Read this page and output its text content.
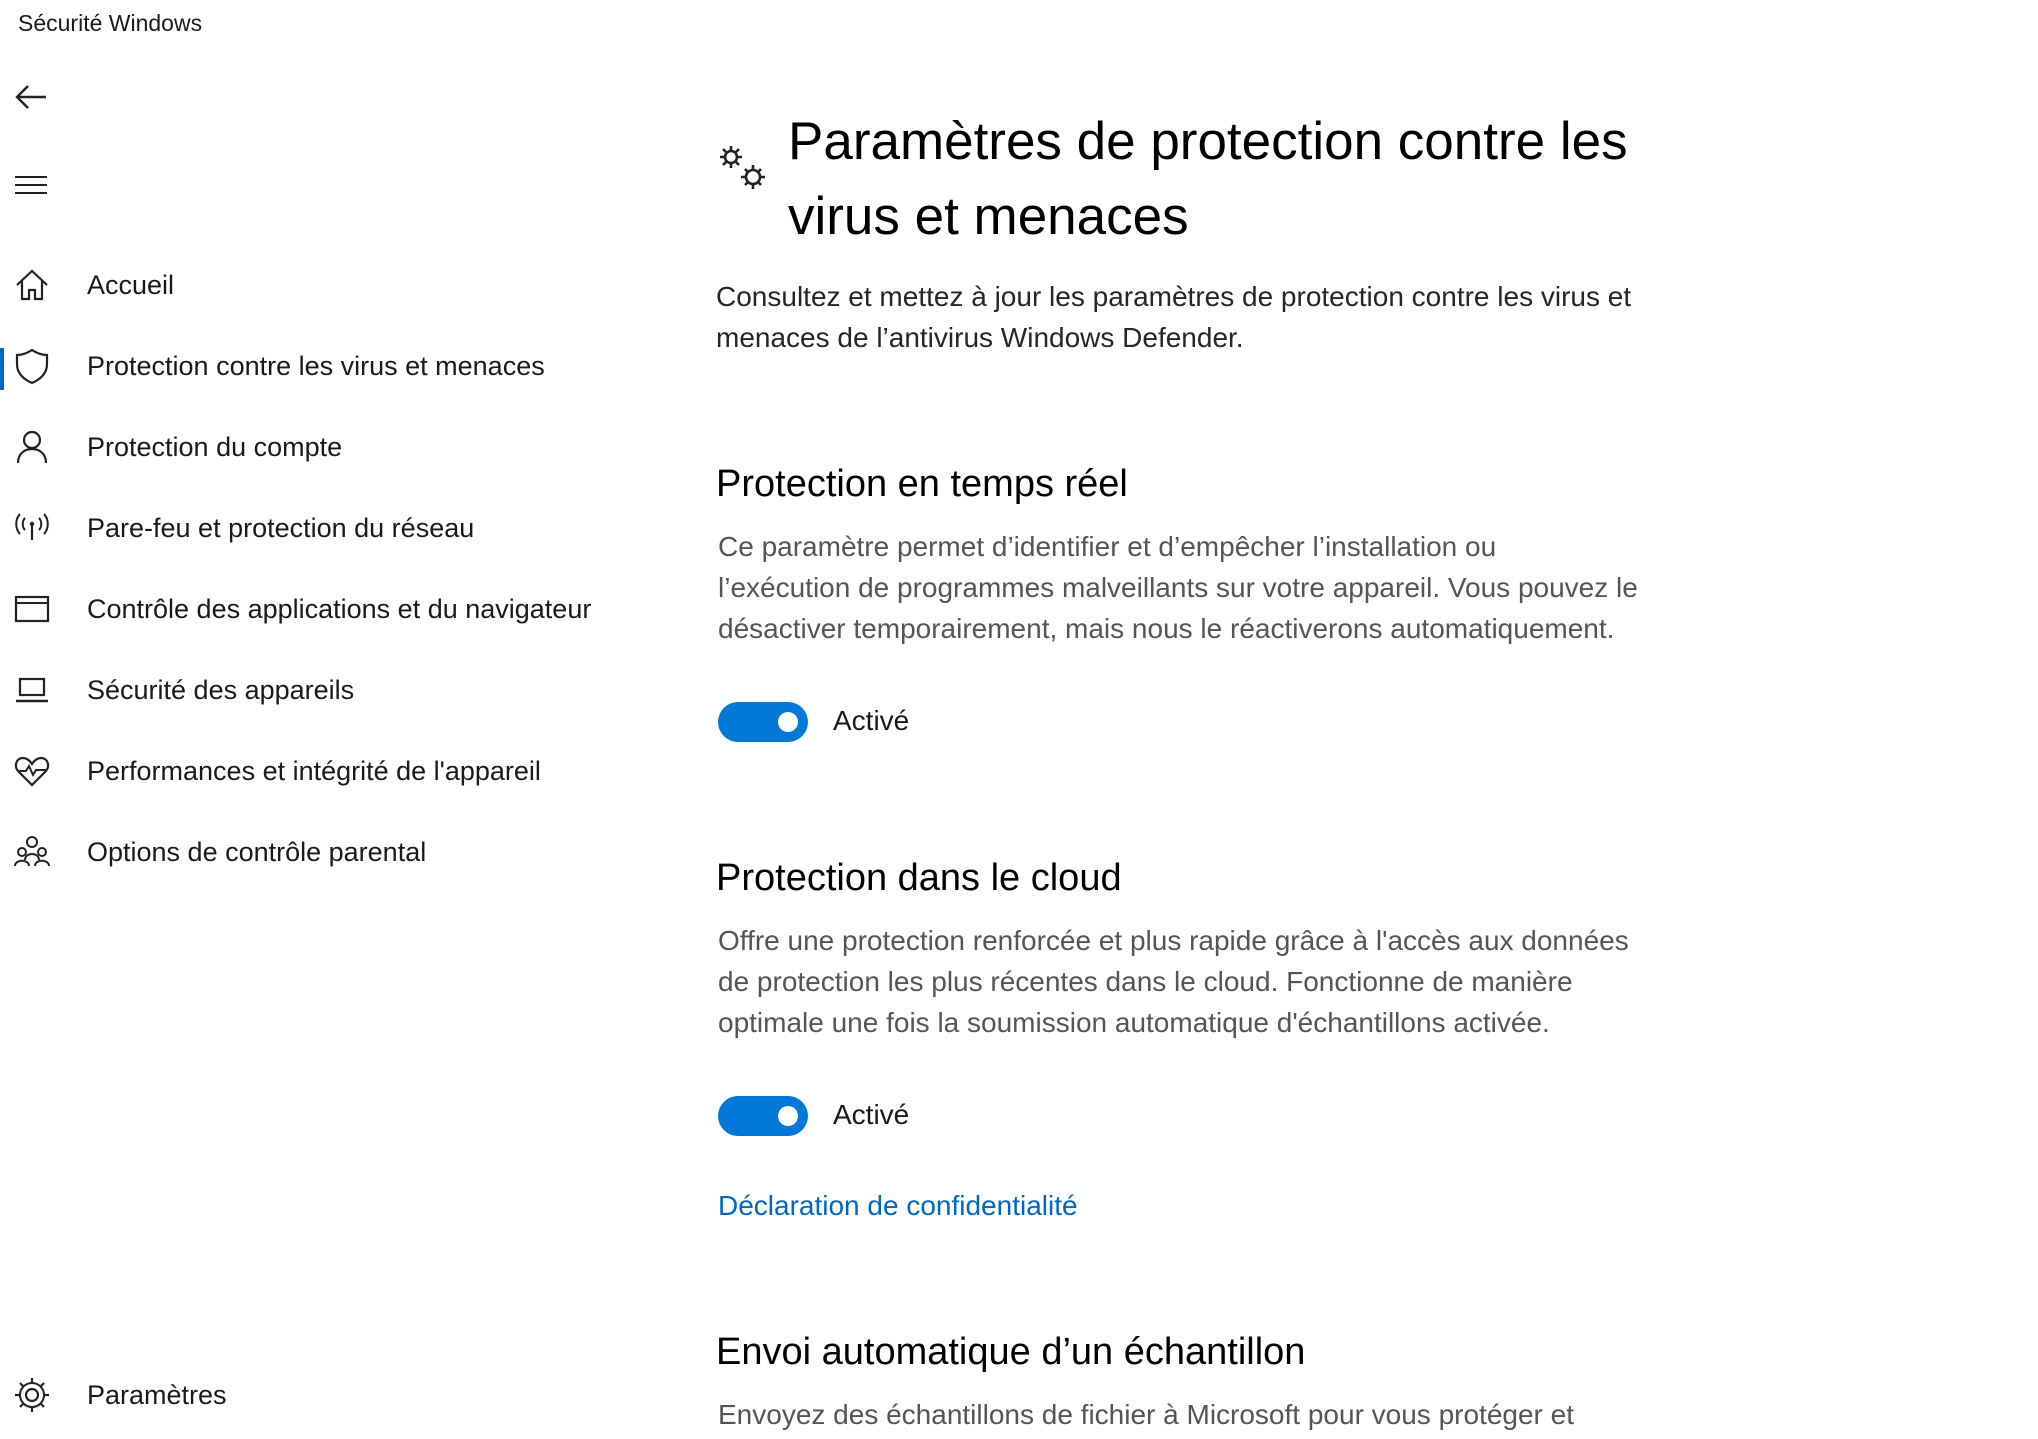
Sécurité Windows
Accueil
Protection contre les virus et menaces
Protection du compte
Pare-feu et protection du réseau
Contrôle des applications et du navigateur
Sécurité des appareils
Performances et intégrité de l'appareil
Options de contrôle parental
Paramètres
Paramètres de protection contre les
virus et menaces
Consultez et mettez à jour les paramètres de protection contre les virus et
menaces de l’antivirus Windows Defender.
Protection en temps réel
Ce paramètre permet d’identifier et d’empêcher l’installation ou
l’exécution de programmes malveillants sur votre appareil. Vous pouvez le
désactiver temporairement, mais nous le réactiverons automatiquement.
Activé
Protection dans le cloud
Offre une protection renforcée et plus rapide grâce à l'accès aux données
de protection les plus récentes dans le cloud. Fonctionne de manière
optimale une fois la soumission automatique d'échantillons activée.
Activé
Déclaration de confidentialité
Envoi automatique d’un échantillon
Envoyez des échantillons de fichier à Microsoft pour vous protéger et
